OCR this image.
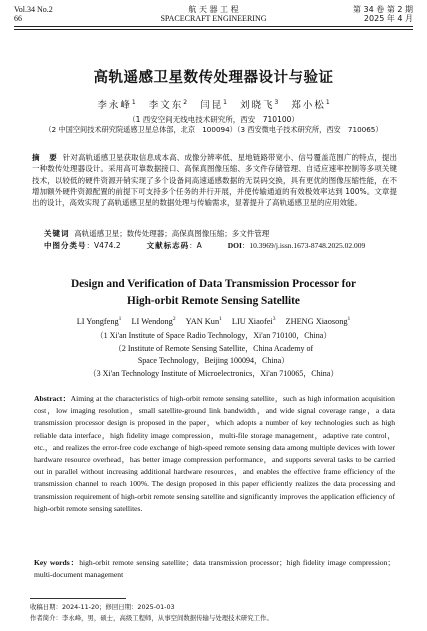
Vol.34 No.2
66
航 天 器 工 程
SPACECRAFT ENGINEERING
第 34 卷 第 2 期
2025 年 4 月
高轨遥感卫星数传处理器设计与验证
李永峰$^1$ 李文东$^2$ 闫昆$^1$ 刘晓飞$^3$ 郑小松$^1$
（1 西安空间无线电技术研究所，西安　710100）
（2 中国空间技术研究院遥感卫星总体部，北京　100094）（3 西安微电子技术研究所，西安　710065）
摘　要 针对高轨遥感卫星获取信息成本高、成像分辨率低、星地链路带宽小、信号覆盖范围广的特点，提出一种数传处理器设计。采用高可靠数据接口、高保真图像压缩、多文件存储管理、自适应速率控制等多项关键技术，以较低的硬件资源开销实现了多个设备间高速遥感数据的无误码交换，具有更优的图像压缩性能，在不增加额外硬件资源配置的前提下可支持多个任务的并行开展，并使传输通道的有效极效率达到 100%。文章提出的设计，高效实现了高轨遥感卫星的数据处理与传输需求，显著提升了高轨遥感卫星的应用效能。
关键词 高轨遥感卫星；数传处理器；高保真图像压缩；多文件管理
中图分类号：V474.2	文献标志码：A	DOI：10.3969/j.issn.1673-8748.2025.02.009
Design and Verification of Data Transmission Processor for
High-orbit Remote Sensing Satellite
LI Yongfeng$^1$ LI Wendong$^2$ YAN Kun$^1$ LIU Xiaofei$^3$ ZHENG Xiaosong$^1$
（1 Xi'an Institute of Space Radio Technology，Xi'an 710100，China）
（2 Institute of Remote Sensing Satellite，China Academy of
Space Technology，Beijing 100094，China）
（3 Xi'an Technology Institute of Microelectronics，Xi'an 710065，China）
Abstract：Aiming at the characteristics of high-orbit remote sensing satellite，such as high information acquisition cost，low imaging resolution，small satellite-ground link bandwidth，and wide signal coverage range，a data transmission processor design is proposed in the paper，which adopts a number of key technologies such as high reliable data interface，high fidelity image compression，multi-file storage management，adaptive rate control，etc.，and realizes the error-free code exchange of high-speed remote sensing data among multiple devices with lower hardware resource overhead，has better image compression performance，and supports several tasks to be carried out in parallel without increasing additional hardware resources，and enables the effective frame efficiency of the transmission channel to reach 100%. The design proposed in this paper efficiently realizes the data processing and transmission requirement of high-orbit remote sensing satellite and significantly improves the application efficiency of high-orbit remote sensing satellites.
Key words：high-orbit remote sensing satellite；data transmission processor；high fidelity image compression；multi-document management
收稿日期：2024-11-20；修回日期：2025-01-03
作者简介：李永峰，男，硕士，高级工程师，从事空间数据传输与处理技术研究工作。
